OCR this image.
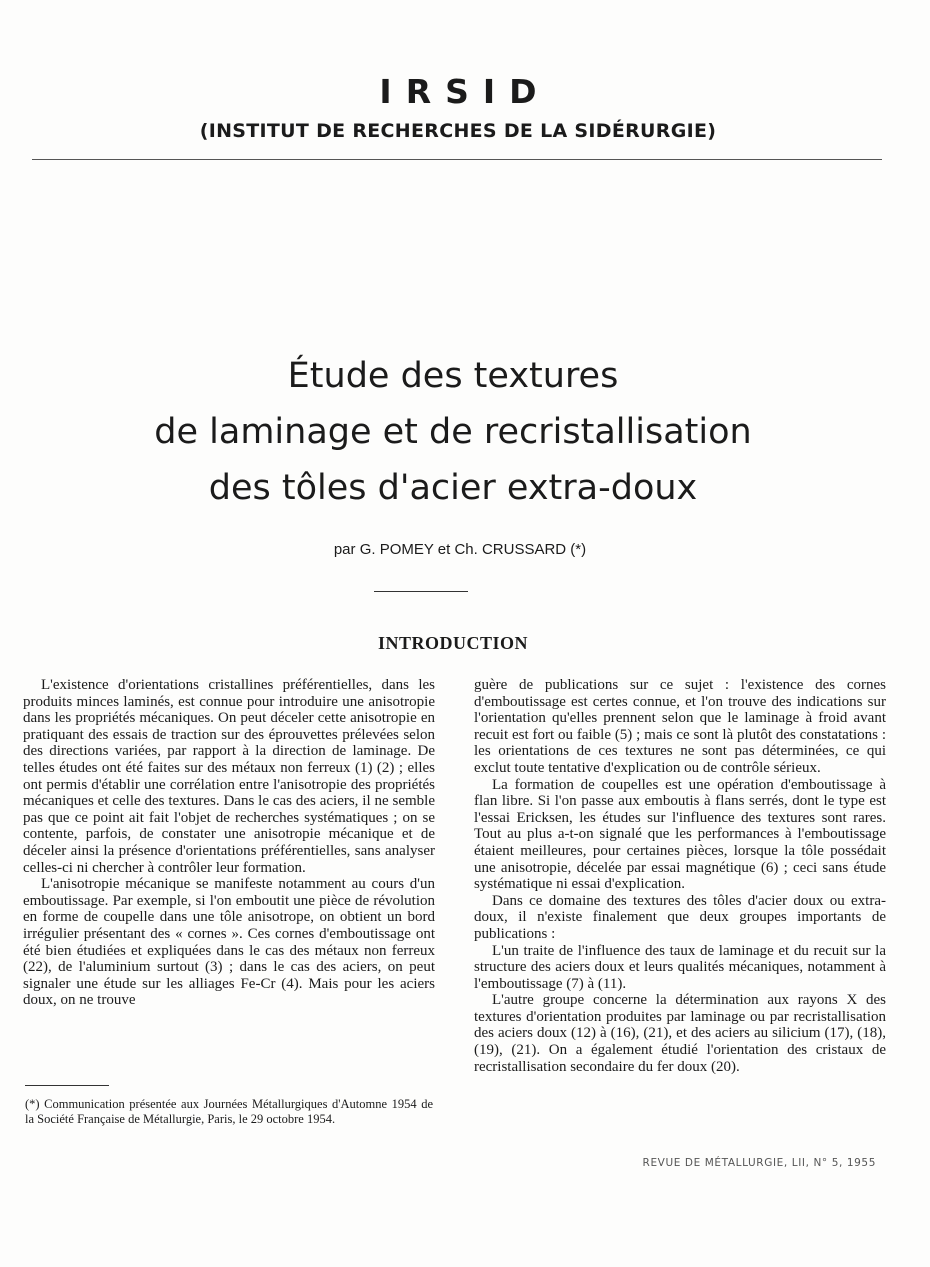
IRSID
(INSTITUT DE RECHERCHES DE LA SIDÉRURGIE)
Étude des textures
de laminage et de recristallisation
des tôles d'acier extra-doux

par G. POMEY et Ch. CRUSSARD (*)

INTRODUCTION

L'existence d'orientations cristallines préférentielles, dans les produits minces laminés, est connue pour introduire une anisotropie dans les propriétés mécaniques. On peut déceler cette anisotropie en pratiquant des essais de traction sur des éprouvettes prélevées selon des directions variées, par rapport à la direction de laminage. De telles études ont été faites sur des métaux non ferreux (1) (2) ; elles ont permis d'établir une corrélation entre l'anisotropie des propriétés mécaniques et celle des textures. Dans le cas des aciers, il ne semble pas que ce point ait fait l'objet de recherches systématiques ; on se contente, parfois, de constater une anisotropie mécanique et de déceler ainsi la présence d'orientations préférentielles, sans analyser celles-ci ni chercher à contrôler leur formation.

L'anisotropie mécanique se manifeste notamment au cours d'un emboutissage. Par exemple, si l'on emboutit une pièce de révolution en forme de coupelle dans une tôle anisotrope, on obtient un bord irrégulier présentant des « cornes ». Ces cornes d'emboutissage ont été bien étudiées et expliquées dans le cas des métaux non ferreux (22), de l'aluminium surtout (3) ; dans le cas des aciers, on peut signaler une étude sur les alliages Fe-Cr (4). Mais pour les aciers doux, on ne trouve

guère de publications sur ce sujet : l'existence des cornes d'emboutissage est certes connue, et l'on trouve des indications sur l'orientation qu'elles prennent selon que le laminage à froid avant recuit est fort ou faible (5) ; mais ce sont là plutôt des constatations : les orientations de ces textures ne sont pas déterminées, ce qui exclut toute tentative d'explication ou de contrôle sérieux.

La formation de coupelles est une opération d'emboutissage à flan libre. Si l'on passe aux emboutis à flans serrés, dont le type est l'essai Ericksen, les études sur l'influence des textures sont rares. Tout au plus a-t-on signalé que les performances à l'emboutissage étaient meilleures, pour certaines pièces, lorsque la tôle possédait une anisotropie, décelée par essai magnétique (6) ; ceci sans étude systématique ni essai d'explication.

Dans ce domaine des textures des tôles d'acier doux ou extra-doux, il n'existe finalement que deux groupes importants de publications :

L'un traite de l'influence des taux de laminage et du recuit sur la structure des aciers doux et leurs qualités mécaniques, notamment à l'emboutissage (7) à (11).

L'autre groupe concerne la détermination aux rayons X des textures d'orientation produites par laminage ou par recristallisation des aciers doux (12) à (16), (21), et des aciers au silicium (17), (18), (19), (21). On a également étudié l'orientation des cristaux de recristallisation secondaire du fer doux (20).

(*) Communication présentée aux Journées Métallurgiques d'Automne 1954 de la Société Française de Métallurgie, Paris, le 29 octobre 1954.

REVUE DE MÉTALLURGIE, LII, N° 5, 1955
